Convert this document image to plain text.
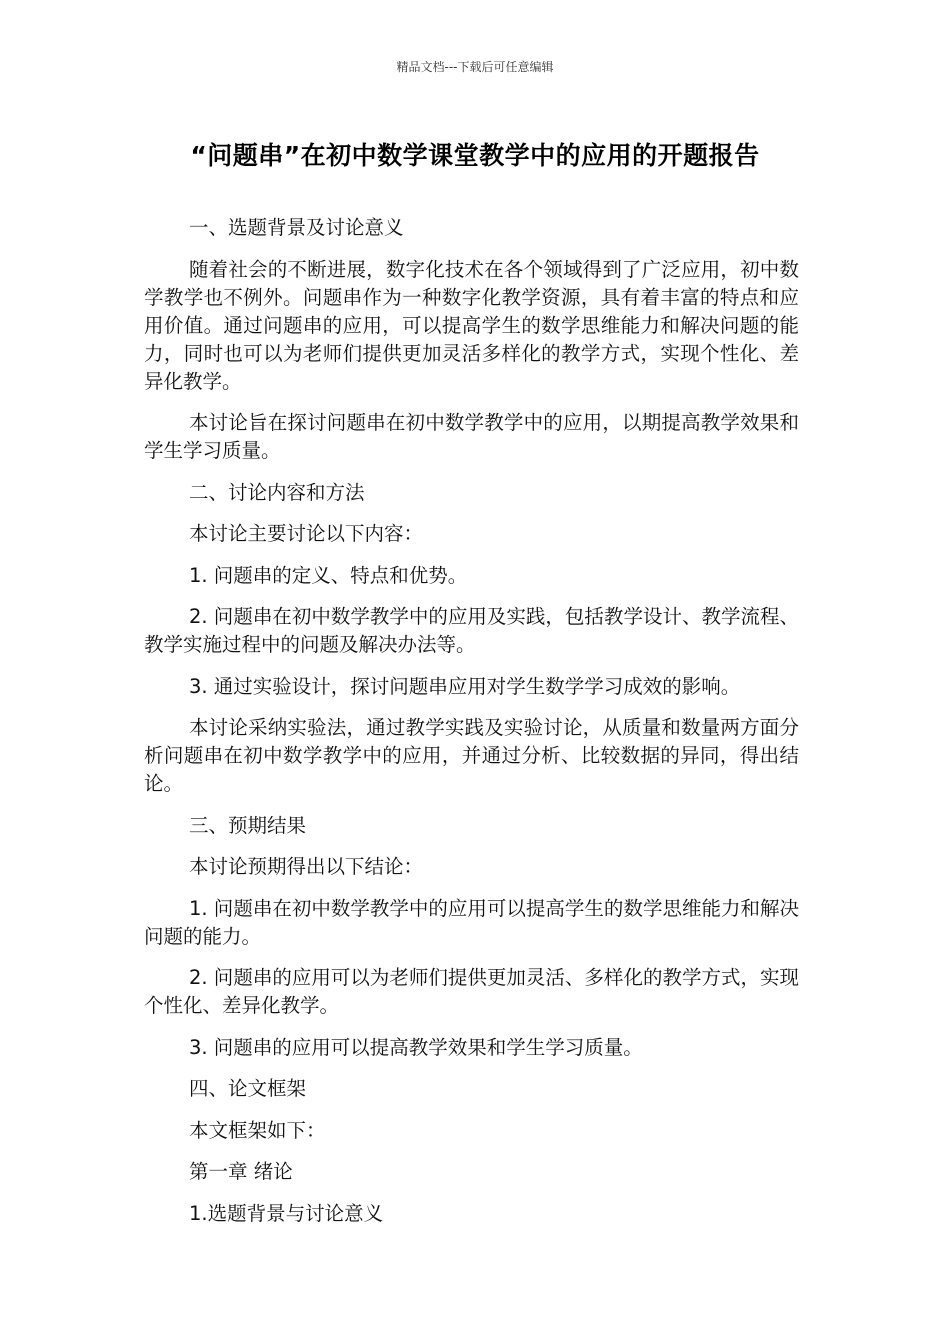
精品文档---下载后可任意编辑
“问题串”在初中数学课堂教学中的应用的开题报告

一、选题背景及讨论意义

随着社会的不断进展，数字化技术在各个领域得到了广泛应用，初中数学教学也不例外。问题串作为一种数字化教学资源，具有着丰富的特点和应用价值。通过问题串的应用，可以提高学生的数学思维能力和解决问题的能力，同时也可以为老师们提供更加灵活多样化的教学方式，实现个性化、差异化教学。

本讨论旨在探讨问题串在初中数学教学中的应用，以期提高教学效果和学生学习质量。

二、讨论内容和方法

本讨论主要讨论以下内容：

1. 问题串的定义、特点和优势。

2. 问题串在初中数学教学中的应用及实践，包括教学设计、教学流程、教学实施过程中的问题及解决办法等。

3. 通过实验设计，探讨问题串应用对学生数学学习成效的影响。

本讨论采纳实验法，通过教学实践及实验讨论，从质量和数量两方面分析问题串在初中数学教学中的应用，并通过分析、比较数据的异同，得出结论。

三、预期结果

本讨论预期得出以下结论：

1. 问题串在初中数学教学中的应用可以提高学生的数学思维能力和解决问题的能力。

2. 问题串的应用可以为老师们提供更加灵活、多样化的教学方式，实现个性化、差异化教学。

3. 问题串的应用可以提高教学效果和学生学习质量。

四、论文框架

本文框架如下：

第一章 绪论

1.选题背景与讨论意义
